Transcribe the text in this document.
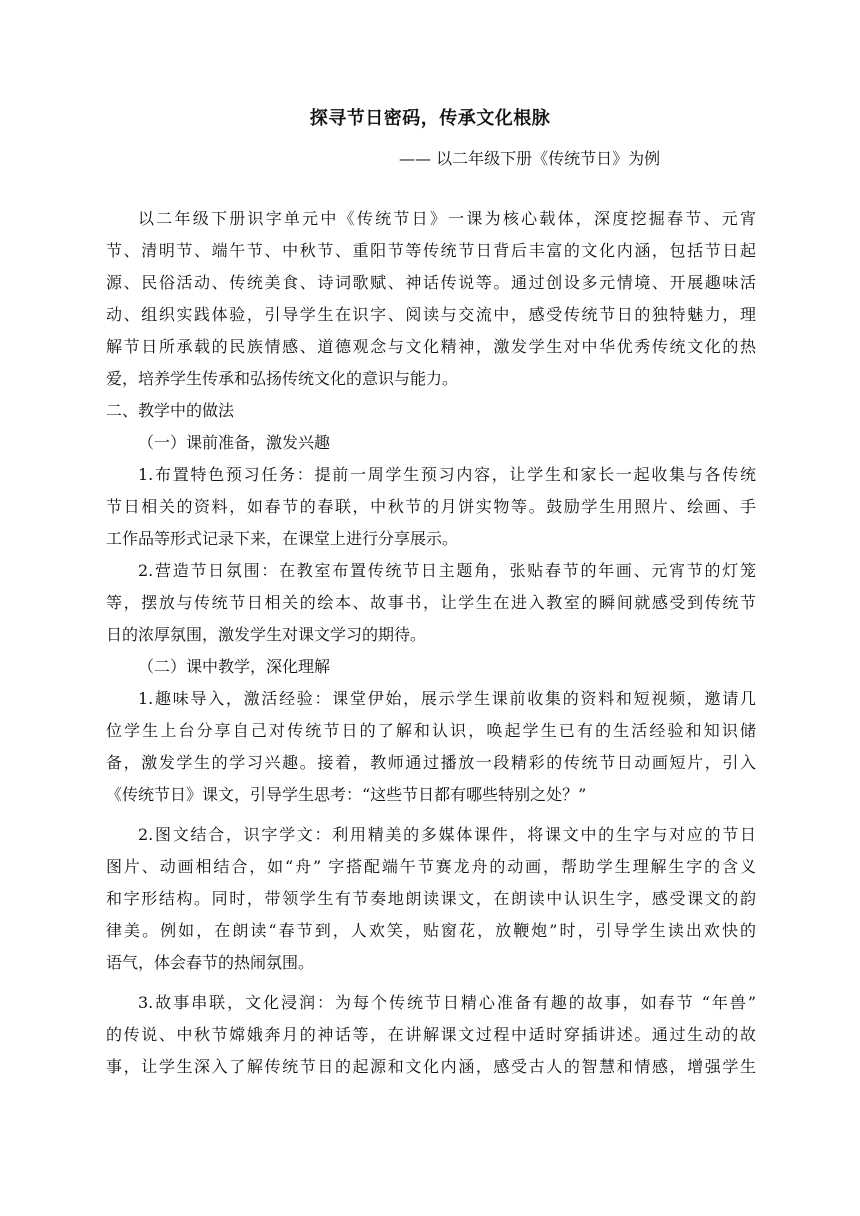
探寻节日密码，传承文化根脉
—— 以二年级下册《传统节日》为例
以二年级下册识字单元中《传统节日》一课为核心载体，深度挖掘春节、元宵
节、清明节、端午节、中秋节、重阳节等传统节日背后丰富的文化内涵，包括节日起
源、民俗活动、传统美食、诗词歌赋、神话传说等。通过创设多元情境、开展趣味活
动、组织实践体验，引导学生在识字、阅读与交流中，感受传统节日的独特魅力，理
解节日所承载的民族情感、道德观念与文化精神，激发学生对中华优秀传统文化的热
爱，培养学生传承和弘扬传统文化的意识与能力。
二、教学中的做法
（一）课前准备，激发兴趣
1.布置特色预习任务：提前一周学生预习内容，让学生和家长一起收集与各传统
节日相关的资料，如春节的春联，中秋节的月饼实物等。鼓励学生用照片、绘画、手
工作品等形式记录下来，在课堂上进行分享展示。
2.营造节日氛围：在教室布置传统节日主题角，张贴春节的年画、元宵节的灯笼
等，摆放与传统节日相关的绘本、故事书，让学生在进入教室的瞬间就感受到传统节
日的浓厚氛围，激发学生对课文学习的期待。
（二）课中教学，深化理解
1.趣味导入，激活经验：课堂伊始，展示学生课前收集的资料和短视频，邀请几
位学生上台分享自己对传统节日的了解和认识，唤起学生已有的生活经验和知识储
备，激发学生的学习兴趣。接着，教师通过播放一段精彩的传统节日动画短片，引入
《传统节日》课文，引导学生思考：“这些节日都有哪些特别之处？”
2.图文结合，识字学文：利用精美的多媒体课件，将课文中的生字与对应的节日
图片、动画相结合，如“舟” 字搭配端午节赛龙舟的动画，帮助学生理解生字的含义
和字形结构。同时，带领学生有节奏地朗读课文，在朗读中认识生字，感受课文的韵
律美。例如，在朗读“春节到，人欢笑，贴窗花，放鞭炮”时，引导学生读出欢快的
语气，体会春节的热闹氛围。
3.故事串联，文化浸润：为每个传统节日精心准备有趣的故事，如春节 “年兽”
的传说、中秋节嫦娥奔月的神话等，在讲解课文过程中适时穿插讲述。通过生动的故
事，让学生深入了解传统节日的起源和文化内涵，感受古人的智慧和情感，增强学生
